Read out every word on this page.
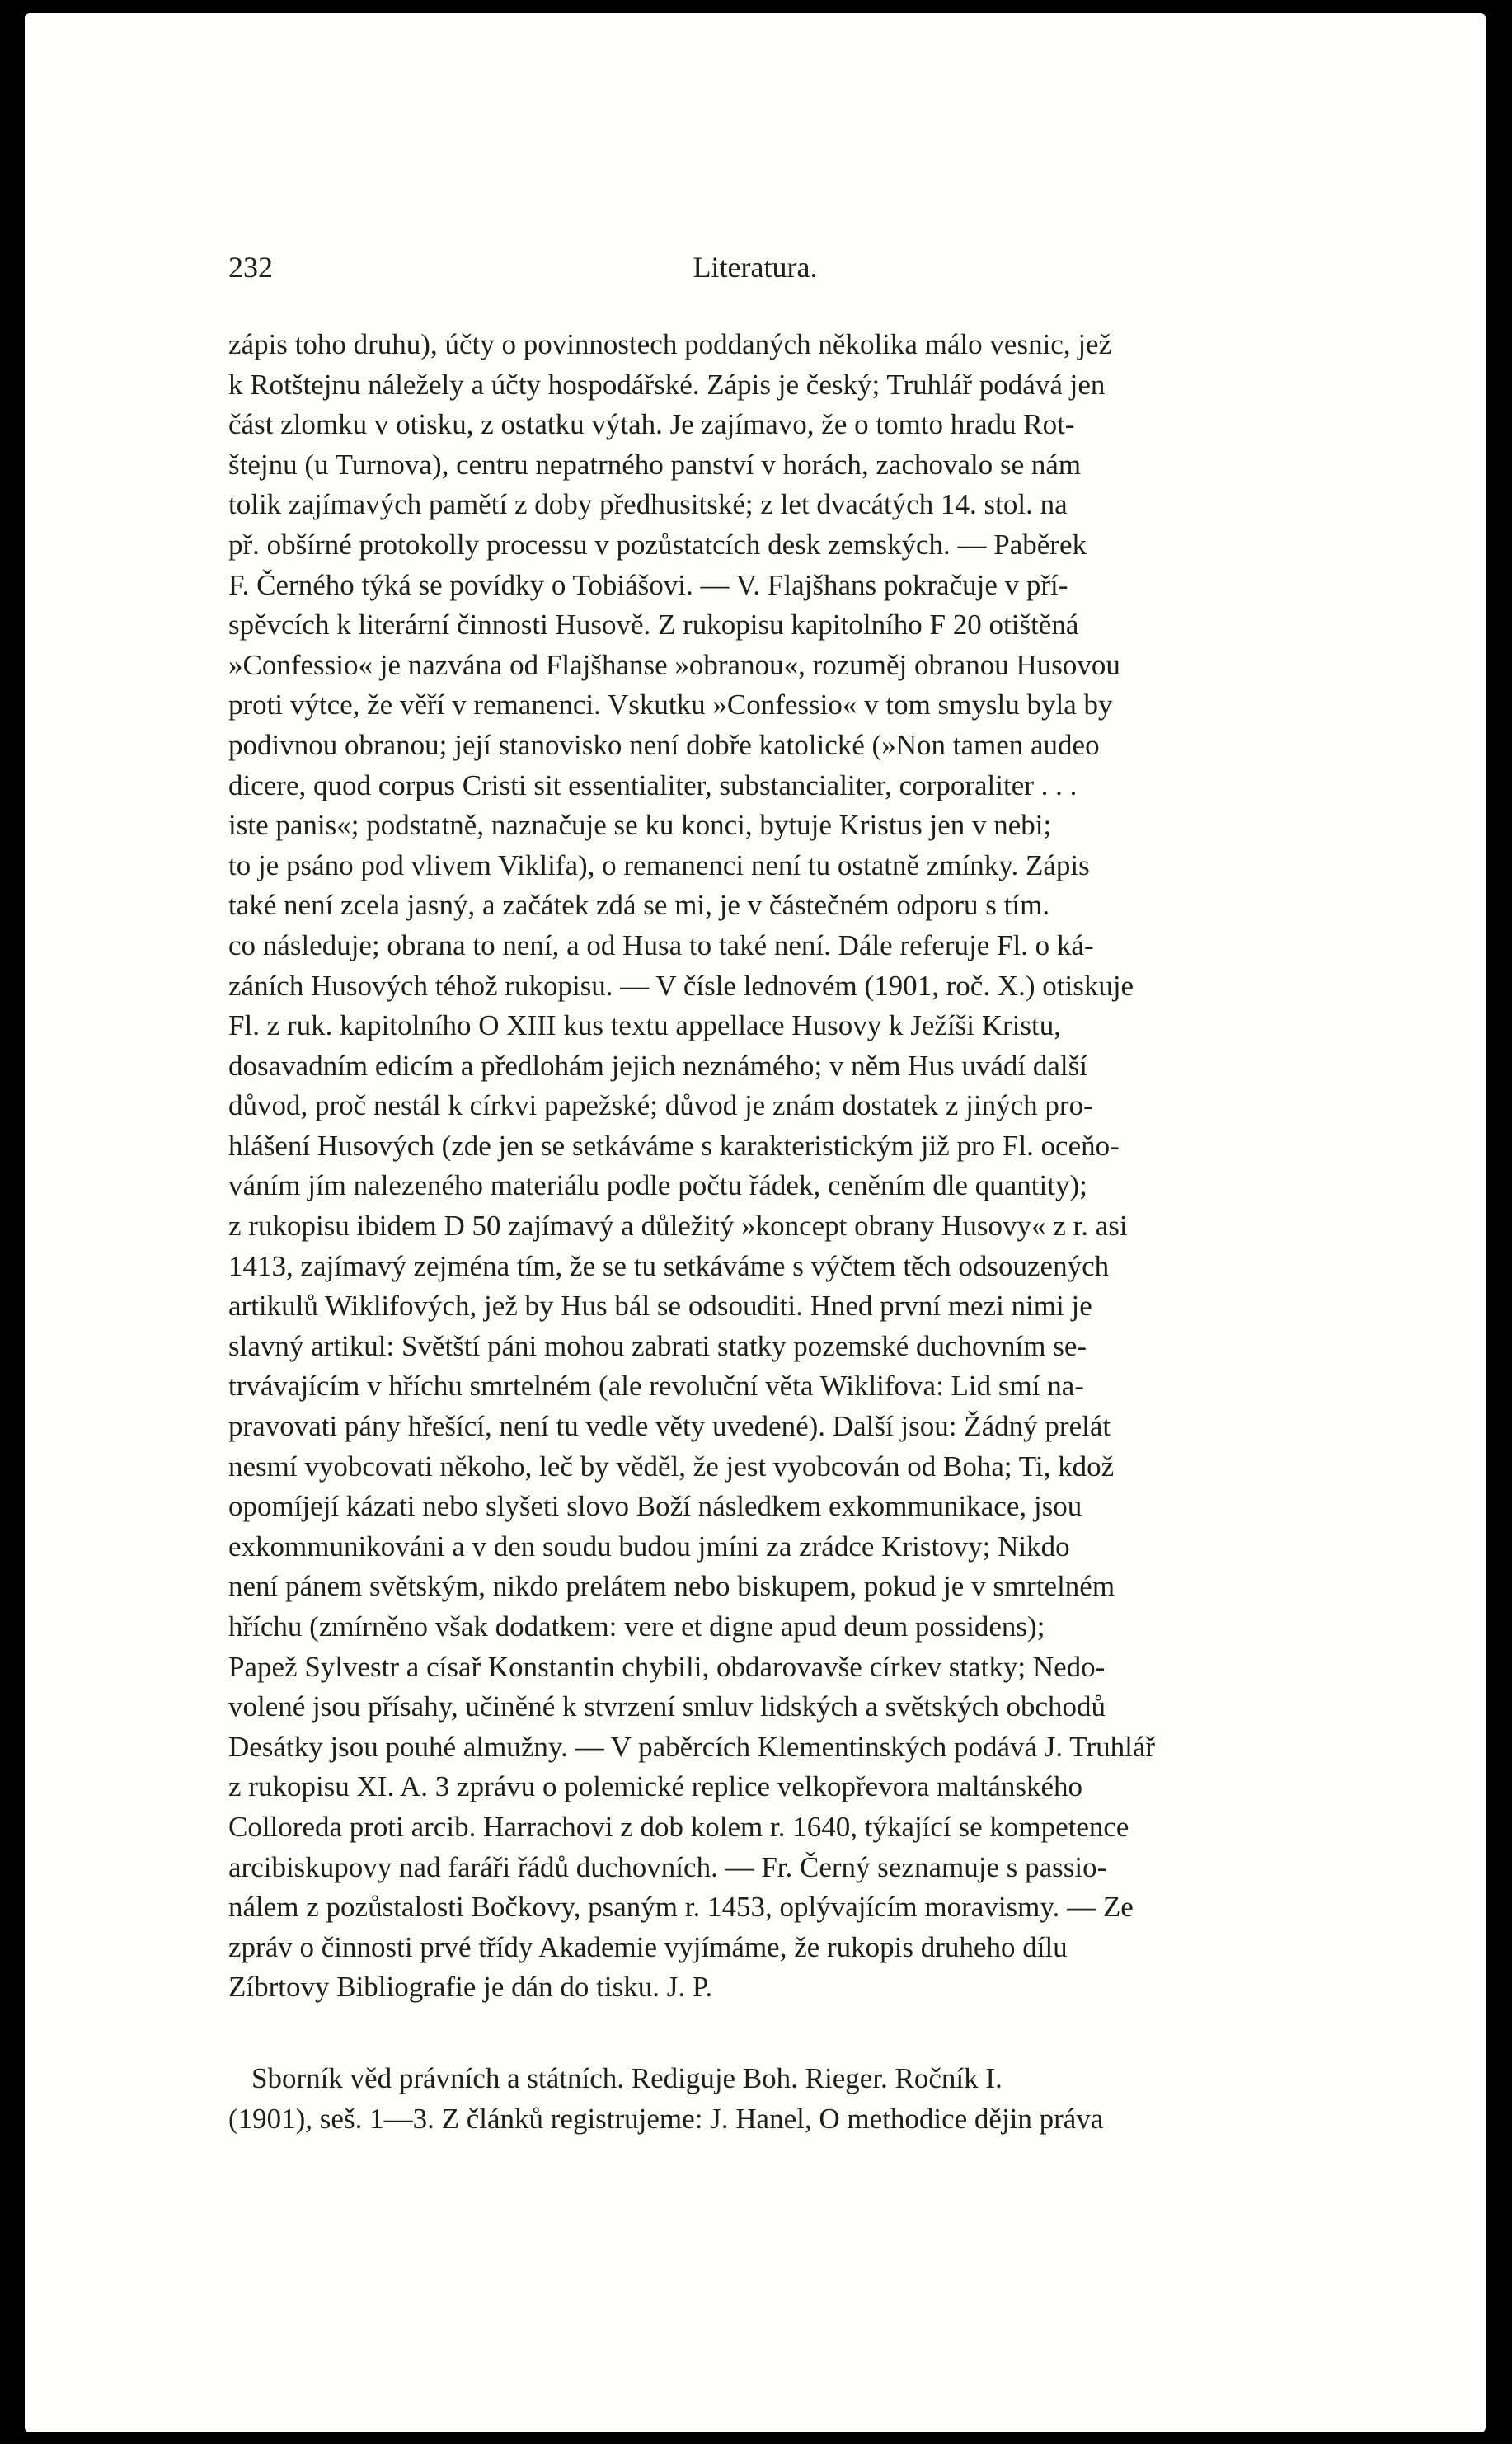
232	Literatura.
zápis toho druhu), účty o povinnostech poddaných několika málo vesnic, jež
k Rotštejnu náležely a účty hospodářské. Zápis je český; Truhlář podává jen
část zlomku v otisku, z ostatku výtah. Je zajímavo, že o tomto hradu Rot-
štejnu (u Turnova), centru nepatrného panství v horách, zachovalo se nám
tolik zajímavých pamětí z doby předhusitské; z let dvacátých 14. stol. na
př. obšírné protokolly processu v pozůstatcích desk zemských. — Paběrek
F. Černého týká se povídky o Tobiášovi. — V. Flajšhans pokračuje v pří-
spěvcích k literární činnosti Husově. Z rukopisu kapitolního F 20 otištěná
»Confessio« je nazvána od Flajšhanse »obranou«, rozuměj obranou Husovou
proti výtce, že věří v remanenci. Vskutku »Confessio« v tom smyslu byla by
podivnou obranou; její stanovisko není dobře katolické (»Non tamen audeo
dicere, quod corpus Cristi sit essentialiter, substancialiter, corporaliter . . .
iste panis«; podstatně, naznačuje se ku konci, bytuje Kristus jen v nebi;
to je psáno pod vlivem Viklifa), o remanenci není tu ostatně zmínky. Zápis
také není zcela jasný, a začátek zdá se mi, je v částečném odporu s tím.
co následuje; obrana to není, a od Husa to také není. Dále referuje Fl. o ká-
záních Husových téhož rukopisu. — V čísle lednovém (1901, roč. X.) otiskuje
Fl. z ruk. kapitolního O XIII kus textu appellace Husovy k Ježíši Kristu,
dosavadním edicím a předlohám jejich neznámého; v něm Hus uvádí další
důvod, proč nestál k církvi papežské; důvod je znám dostatek z jiných pro-
hlášení Husových (zde jen se setkáváme s karakteristickým již pro Fl. oceňo-
váním jím nalezeného materiálu podle počtu řádek, ceněním dle quantity);
z rukopisu ibidem D 50 zajímavý a důležitý »koncept obrany Husovy« z r. asi
1413, zajímavý zejména tím, že se tu setkáváme s výčtem těch odsouzených
artikulů Wiklifových, jež by Hus bál se odsouditi. Hned první mezi nimi je
slavný artikul: Světští páni mohou zabrati statky pozemské duchovním se-
trvávajícím v hříchu smrtelném (ale revoluční věta Wiklifova: Lid smí na-
pravovati pány hřešící, není tu vedle věty uvedené). Další jsou: Žádný prelát
nesmí vyobcovati někoho, leč by věděl, že jest vyobcován od Boha; Ti, kdož
opomíjejí kázati nebo slyšeti slovo Boží následkem exkommunikace, jsou
exkommunikováni a v den soudu budou jmíni za zrádce Kristovy; Nikdo
není pánem světským, nikdo prelátem nebo biskupem, pokud je v smrtelném
hříchu (zmírněno však dodatkem: vere et digne apud deum possidens);
Papež Sylvestr a císař Konstantin chybili, obdarovavše církev statky; Nedo-
volené jsou přísahy, učiněné k stvrzení smluv lidských a světských obchodů
Desátky jsou pouhé almužny. — V paběrcích Klementinských podává J. Truhlář
z rukopisu XI. A. 3 zprávu o polemické replice velkopřevora maltánského
Colloreda proti arcib. Harrachovi z dob kolem r. 1640, týkající se kompetence
arcibiskupovy nad faráři řádů duchovních. — Fr. Černý seznamuje s passio-
nálem z pozůstalosti Bočkovy, psaným r. 1453, oplývajícím moravismy. — Ze
zpráv o činnosti prvé třídy Akademie vyjímáme, že rukopis druheho dílu
Zíbrtovy Bibliografie je dán do tisku. J. P.
Sborník věd právních a státních. Rediguje Boh. Rieger. Ročník I.
(1901), seš. 1—3. Z článků registrujeme: J. Hanel, O methodice dějin práva
